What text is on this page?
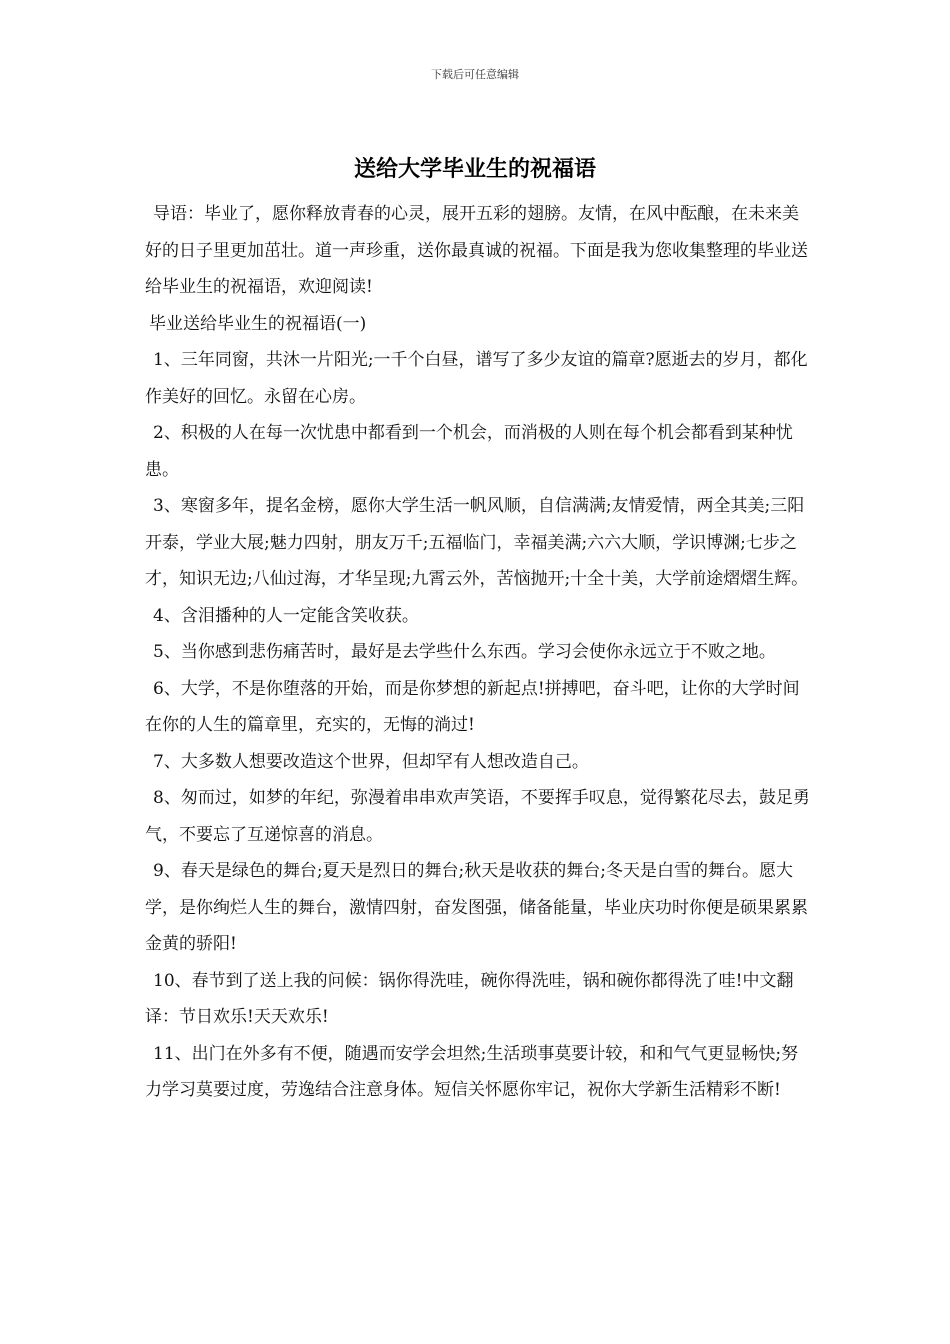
下载后可任意编辑
送给大学毕业生的祝福语

导语：毕业了，愿你释放青春的心灵，展开五彩的翅膀。友情，在风中酝酿，在未来美好的日子里更加茁壮。道一声珍重，送你最真诚的祝福。下面是我为您收集整理的毕业送给毕业生的祝福语，欢迎阅读!

毕业送给毕业生的祝福语(一)

1、三年同窗，共沐一片阳光;一千个白昼，谱写了多少友谊的篇章?愿逝去的岁月，都化作美好的回忆。永留在心房。

2、积极的人在每一次忧患中都看到一个机会，而消极的人则在每个机会都看到某种忧患。

3、寒窗多年，提名金榜，愿你大学生活一帆风顺，自信满满;友情爱情，两全其美;三阳开泰，学业大展;魅力四射，朋友万千;五福临门，幸福美满;六六大顺，学识博渊;七步之才，知识无边;八仙过海，才华呈现;九霄云外，苦恼抛开;十全十美，大学前途熠熠生辉。

4、含泪播种的人一定能含笑收获。

5、当你感到悲伤痛苦时，最好是去学些什么东西。学习会使你永远立于不败之地。

6、大学，不是你堕落的开始，而是你梦想的新起点!拼搏吧，奋斗吧，让你的大学时间在你的人生的篇章里，充实的，无悔的淌过!

7、大多数人想要改造这个世界，但却罕有人想改造自己。

8、匆而过，如梦的年纪，弥漫着串串欢声笑语，不要挥手叹息，觉得繁花尽去，鼓足勇气，不要忘了互递惊喜的消息。

9、春天是绿色的舞台;夏天是烈日的舞台;秋天是收获的舞台;冬天是白雪的舞台。愿大学，是你绚烂人生的舞台，激情四射，奋发图强，储备能量，毕业庆功时你便是硕果累累金黄的骄阳!

10、春节到了送上我的问候：锅你得洗哇，碗你得洗哇，锅和碗你都得洗了哇!中文翻译：节日欢乐!天天欢乐!

11、出门在外多有不便，随遇而安学会坦然;生活琐事莫要计较，和和气气更显畅快;努力学习莫要过度，劳逸结合注意身体。短信关怀愿你牢记，祝你大学新生活精彩不断!
